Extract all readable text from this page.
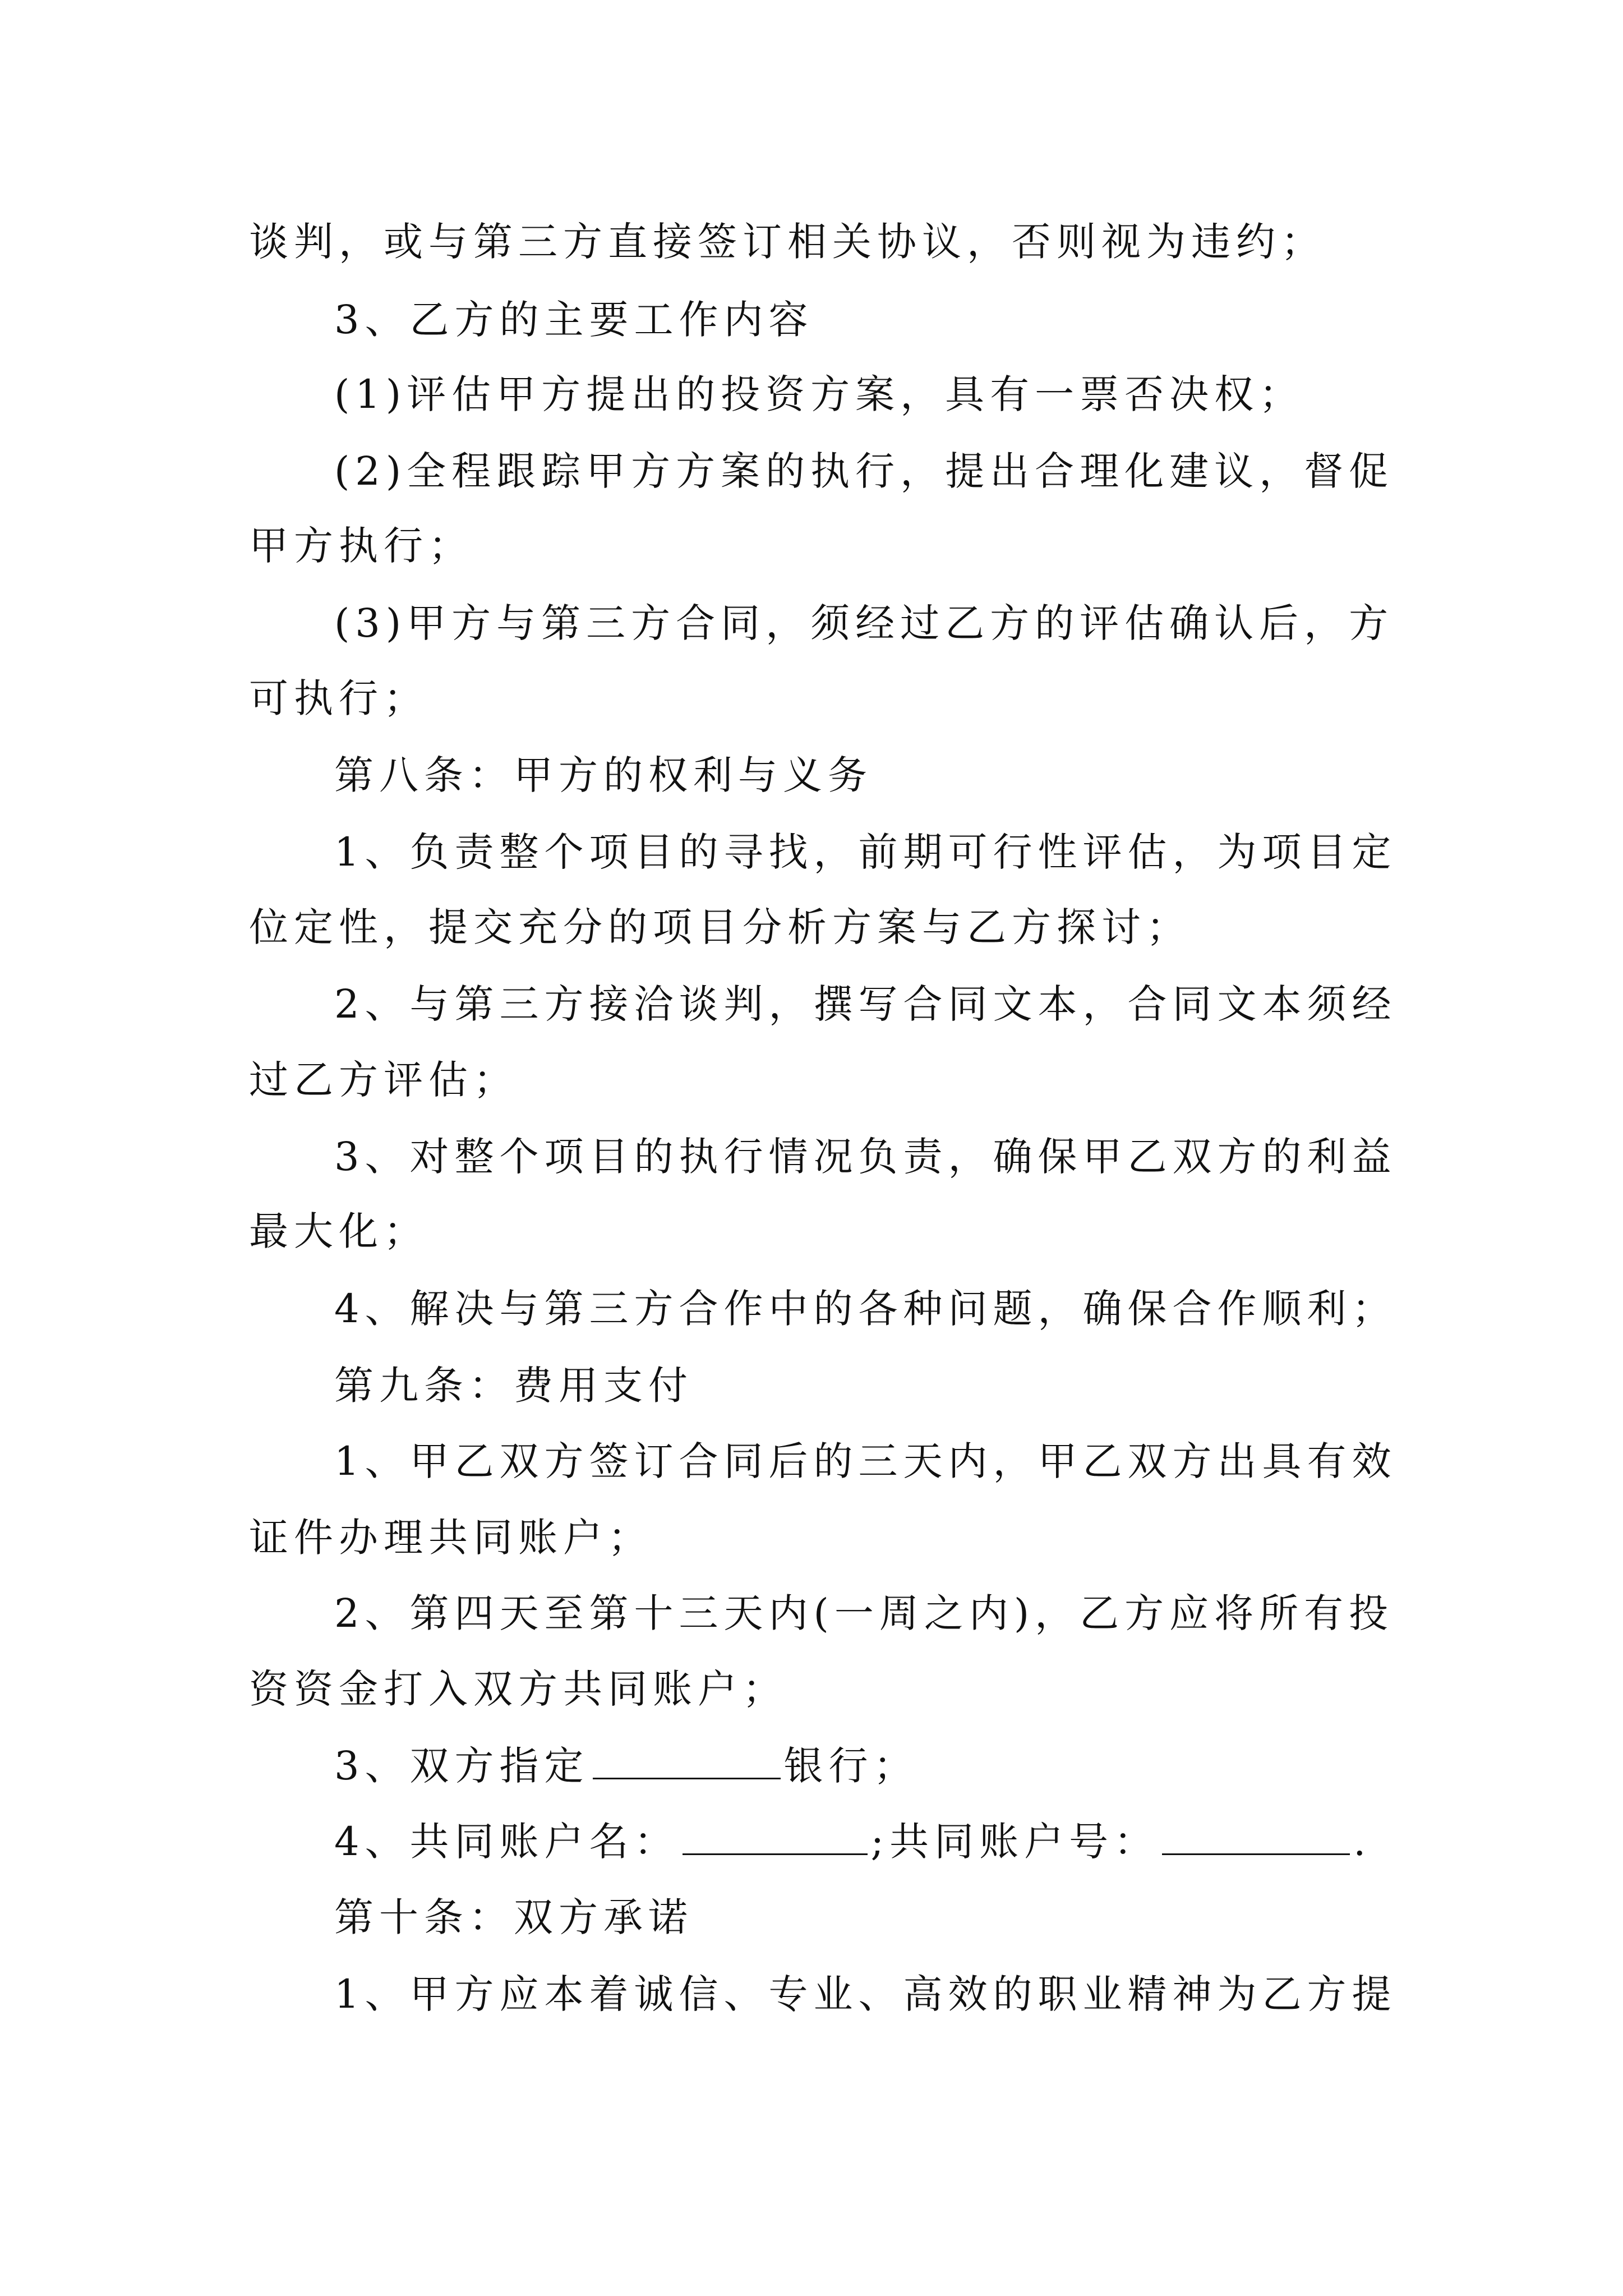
谈判，或与第三方直接签订相关协议，否则视为违约；

3、乙方的主要工作内容

(1)评估甲方提出的投资方案，具有一票否决权；

(2)全程跟踪甲方方案的执行，提出合理化建议，督促

甲方执行；

(3)甲方与第三方合同，须经过乙方的评估确认后，方

可执行；

第八条：甲方的权利与义务

1、负责整个项目的寻找，前期可行性评估，为项目定

位定性，提交充分的项目分析方案与乙方探讨；

2、与第三方接洽谈判，撰写合同文本，合同文本须经

过乙方评估；

3、对整个项目的执行情况负责，确保甲乙双方的利益

最大化；

4、解决与第三方合作中的各种问题，确保合作顺利；

第九条：费用支付

1、甲乙双方签订合同后的三天内，甲乙双方出具有效

证件办理共同账户；

2、第四天至第十三天内(一周之内)，乙方应将所有投

资资金打入双方共同账户；

3、双方指定	银行；

4、共同账户名：	;共同账户号：	.

第十条：双方承诺

1、甲方应本着诚信、专业、高效的职业精神为乙方提
